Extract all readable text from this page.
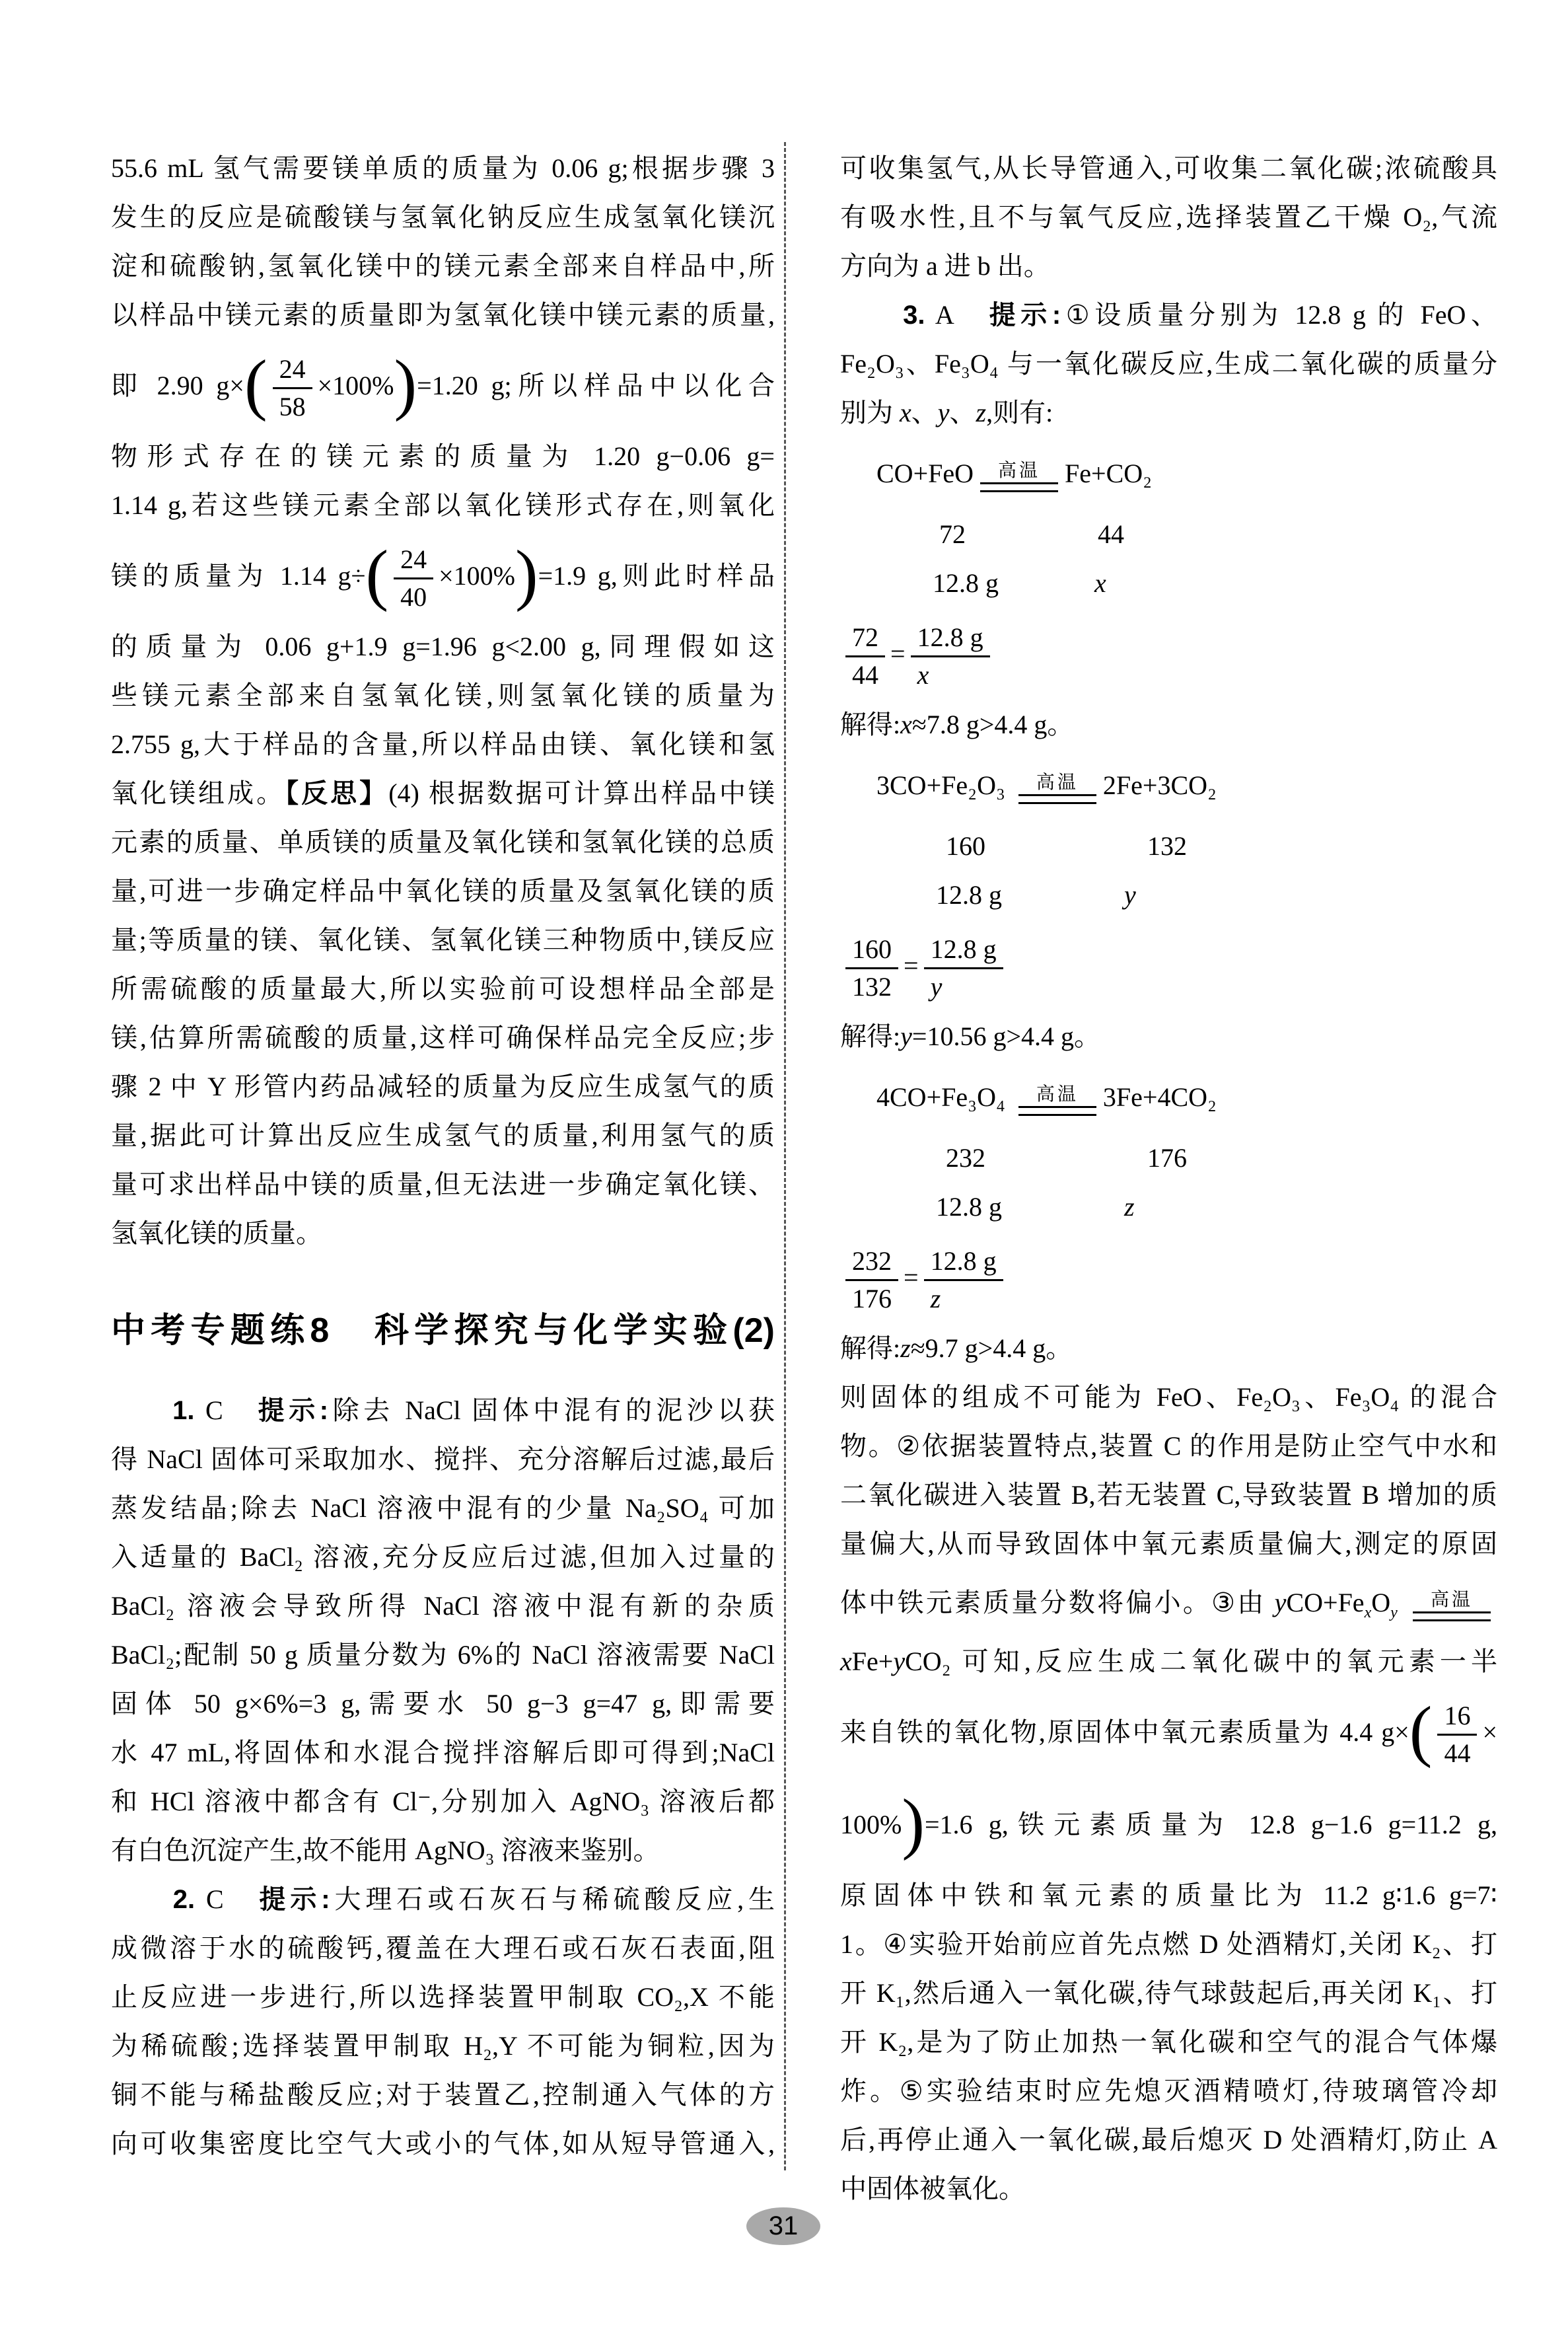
55.6 mL 氢气需要镁单质的质量为 0.06 g;根据步骤 3
发生的反应是硫酸镁与氢氧化钠反应生成氢氧化镁沉
淀和硫酸钠,氢氧化镁中的镁元素全部来自样品中,所
以样品中镁元素的质量即为氢氧化镁中镁元素的质量,
即 2.90 $g\times( \frac{24}{58} \times 100\%)=1.20$ g;所以样品中以化合
物形式存在的镁元素的质量为 1.20 g−0.06 g=
1.14 g,若这些镁元素全部以氧化镁形式存在,则氧化
镁的质量为 1.14 $g\div( \frac{24}{40} \times 100\%)=1.9$ g,则此时样品
的质量为 0.06 g+1.9 g=1.96 g<2.00 g,同理假如这
些镁元素全部来自氢氧化镁,则氢氧化镁的质量为
2.755 g,大于样品的含量,所以样品由镁、氧化镁和氢
氧化镁组成。【反思】(4) 根据数据可计算出样品中镁
元素的质量、单质镁的质量及氧化镁和氢氧化镁的总质
量,可进一步确定样品中氧化镁的质量及氢氧化镁的质
量;等质量的镁、氧化镁、氢氧化镁三种物质中,镁反应
所需硫酸的质量最大,所以实验前可设想样品全部是
镁,估算所需硫酸的质量,这样可确保样品完全反应;步
骤 2 中 Y 形管内药品减轻的质量为反应生成氢气的质
量,据此可计算出反应生成氢气的质量,利用氢气的质
量可求出样品中镁的质量,但无法进一步确定氧化镁、
氢氧化镁的质量。
中考专题练8　科学探究与化学实验(2)
　　1. C　提示:除去 NaCl 固体中混有的泥沙以获
得 NaCl 固体可采取加水、搅拌、充分溶解后过滤,最后
蒸发结晶;除去 NaCl 溶液中混有的少量 Na₂SO₄ 可加
入适量的 BaCl₂ 溶液,充分反应后过滤,但加入过量的
BaCl₂ 溶液会导致所得 NaCl 溶液中混有新的杂质
BaCl₂;配制 50 g 质量分数为 6%的 NaCl 溶液需要 NaCl
固体 50 g×6%=3 g,需要水 50 g−3 g=47 g,即需要
水 47 mL,将固体和水混合搅拌溶解后即可得到;NaCl
和 HCl 溶液中都含有 Cl⁻,分别加入 AgNO₃ 溶液后都
有白色沉淀产生,故不能用 AgNO₃ 溶液来鉴别。
　　2. C　提示:大理石或石灰石与稀硫酸反应,生
成微溶于水的硫酸钙,覆盖在大理石或石灰石表面,阻
止反应进一步进行,所以选择装置甲制取 CO₂,X 不能
为稀硫酸;选择装置甲制取 H₂,Y 不可能为铜粒,因为
铜不能与稀盐酸反应;对于装置乙,控制通入气体的方
向可收集密度比空气大或小的气体,如从短导管通入,
可收集氢气,从长导管通入,可收集二氧化碳;浓硫酸具
有吸水性,且不与氧气反应,选择装置乙干燥 O₂,气流
方向为 a 进 b 出。
　　3. A　提示:①设质量分别为 12.8 g 的 FeO、
Fe₂O₃、Fe₃O₄ 与一氧化碳反应,生成二氧化碳的质量分
别为 x、y、z,则有:
CO+FeO 高温 Fe+CO₂
72	44
12.8 g	x
$\frac{72}{44} = \frac{12.8 g}{x}$
解得:x≈7.8 g>4.4 g。
3CO+Fe₂O₃ 高温 2Fe+3CO₂
160	132
12.8 g	y
$\frac{160}{132} = \frac{12.8 g}{y}$
解得:y=10.56 g>4.4 g。
4CO+Fe₃O₄ 高温 3Fe+4CO₂
232	176
12.8 g	z
$\frac{232}{176} = \frac{12.8 g}{z}$
解得:z≈9.7 g>4.4 g。
则固体的组成不可能为 FeO、Fe₂O₃、Fe₃O₄ 的混合
物。②依据装置特点,装置 C 的作用是防止空气中水和
二氧化碳进入装置 B,若无装置 C,导致装置 B 增加的质
量偏大,从而导致固体中氧元素质量偏大,测定的原固
体中铁元素质量分数将偏小。③由 $yCO+Fe_xO_y$
高温
xFe+yCO₂ 可知,反应生成二氧化碳中的氧元素一半
来自铁的氧化物,原固体中氧元素质量为 4.4 $g\times( \frac{16}{44}$ ×
100%)=1.6 g,铁元素质量为 12.8 g−1.6 g=11.2 g,
原固体中铁和氧元素的质量比为 11.2 g∶1.6 g=7∶
1。④实验开始前应首先点燃 D 处酒精灯,关闭 K₂、打
开 K₁,然后通入一氧化碳,待气球鼓起后,再关闭 K₁、打
开 K₂,是为了防止加热一氧化碳和空气的混合气体爆
炸。⑤实验结束时应先熄灭酒精喷灯,待玻璃管冷却
后,再停止通入一氧化碳,最后熄灭 D 处酒精灯,防止 A
中固体被氧化。
31
